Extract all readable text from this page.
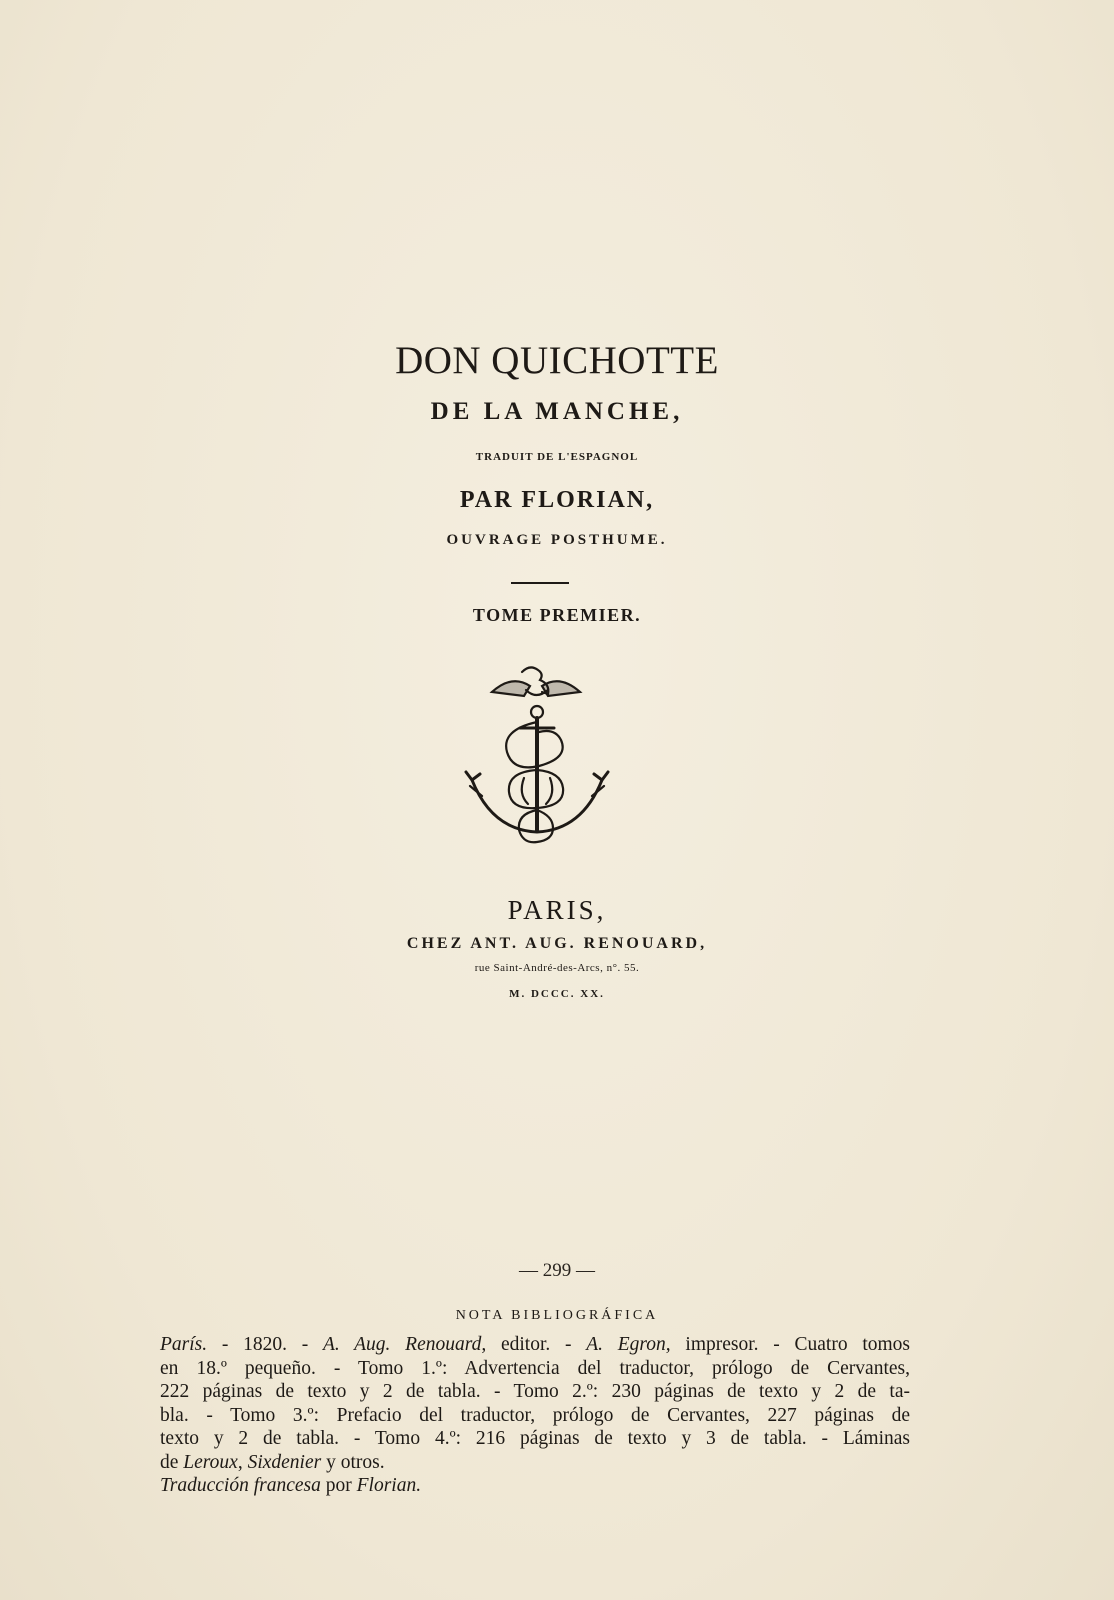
DON QUICHOTTE
DE LA MANCHE,
TRADUIT DE L'ESPAGNOL
PAR FLORIAN,
OUVRAGE POSTHUME.
TOME PREMIER.
PARIS,
CHEZ ANT. AUG. RENOUARD,
rue Saint-André-des-Arcs, n°. 55.
M. DCCC. XX.
— 299 —
NOTA BIBLIOGRÁFICA
París. - 1820. - A. Aug. Renouard, editor. - A. Egron, impresor. - Cuatro tomos
en 18.º pequeño. - Tomo 1.º: Advertencia del traductor, prólogo de Cervantes,
222 páginas de texto y 2 de tabla. - Tomo 2.º: 230 páginas de texto y 2 de ta-
bla. - Tomo 3.º: Prefacio del traductor, prólogo de Cervantes, 227 páginas de
texto y 2 de tabla. - Tomo 4.º: 216 páginas de texto y 3 de tabla. - Láminas
de Leroux, Sixdenier y otros.
Traducción francesa por Florian.
